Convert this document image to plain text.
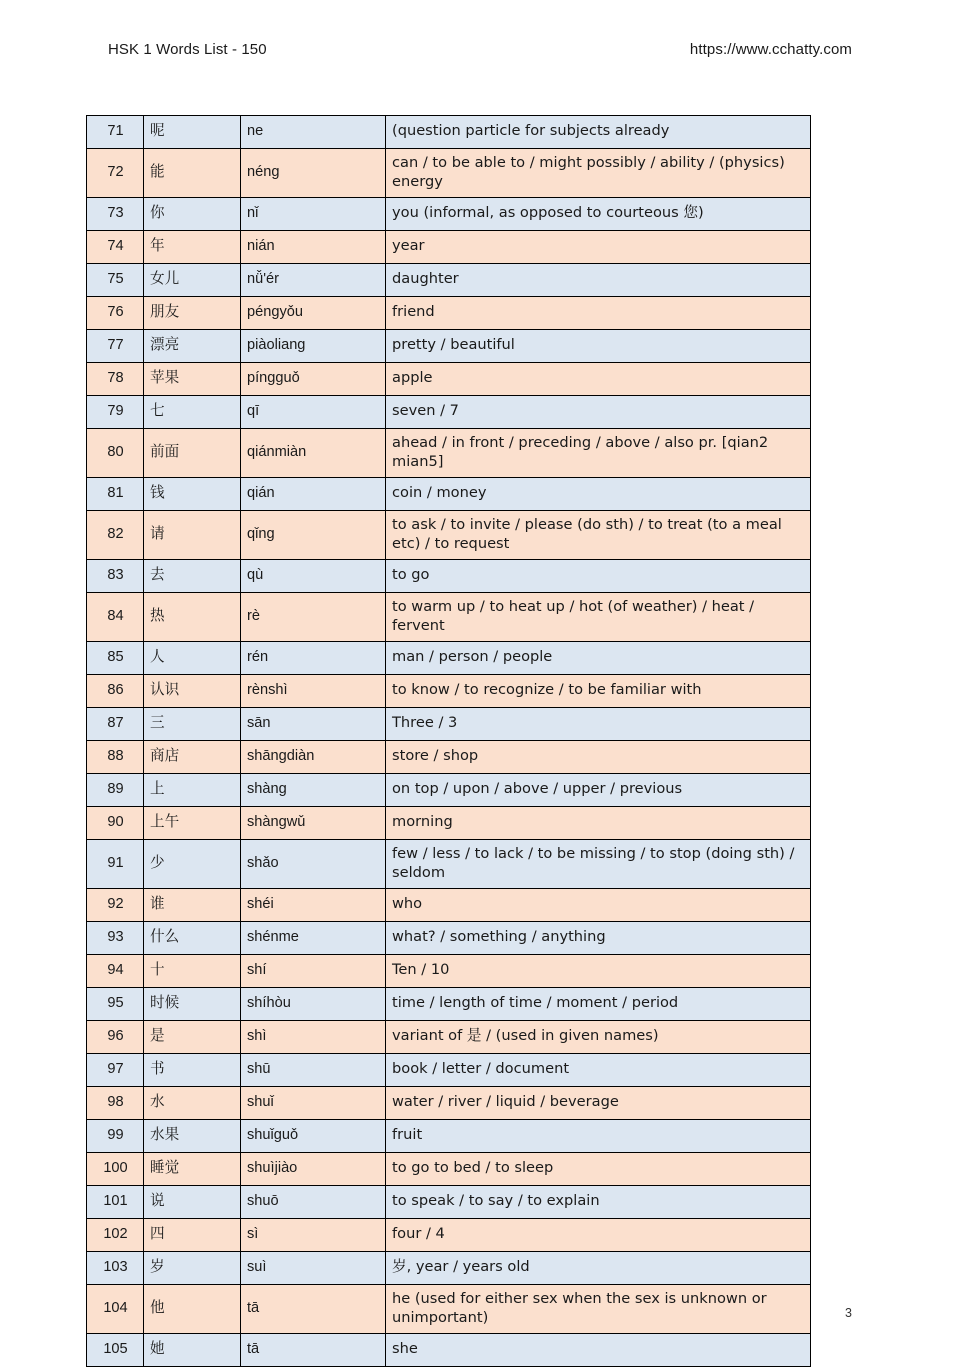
HSK 1 Words List - 150	https://www.cchatty.com
71	呢	ne	(question particle for subjects already
72	能	néng	can / to be able to / might possibly / ability / (physics) energy
73	你	nǐ	you (informal, as opposed to courteous 您)
74	年	nián	year
75	女儿	nǚ'ér	daughter
76	朋友	péngyǒu	friend
77	漂亮	piàoliang	pretty / beautiful
78	苹果	píngguǒ	apple
79	七	qī	seven / 7
80	前面	qiánmiàn	ahead / in front / preceding / above / also pr. [qian2 mian5]
81	钱	qián	coin / money
82	请	qǐng	to ask / to invite / please (do sth) / to treat (to a meal etc) / to request
83	去	qù	to go
84	热	rè	to warm up / to heat up / hot (of weather) / heat / fervent
85	人	rén	man / person / people
86	认识	rènshì	to know / to recognize / to be familiar with
87	三	sān	Three / 3
88	商店	shāngdiàn	store / shop
89	上	shàng	on top / upon / above / upper / previous
90	上午	shàngwǔ	morning
91	少	shǎo	few / less / to lack / to be missing / to stop (doing sth) / seldom
92	谁	shéi	who
93	什么	shénme	what? / something / anything
94	十	shí	Ten / 10
95	时候	shíhòu	time / length of time / moment / period
96	是	shì	variant of 是 / (used in given names)
97	书	shū	book / letter / document
98	水	shuǐ	water / river / liquid / beverage
99	水果	shuǐguǒ	fruit
100	睡觉	shuìjiào	to go to bed / to sleep
101	说	shuō	to speak / to say / to explain
102	四	sì	four / 4
103	岁	suì	岁, year / years old
104	他	tā	he (used for either sex when the sex is unknown or unimportant)
105	她	tā	she
3
